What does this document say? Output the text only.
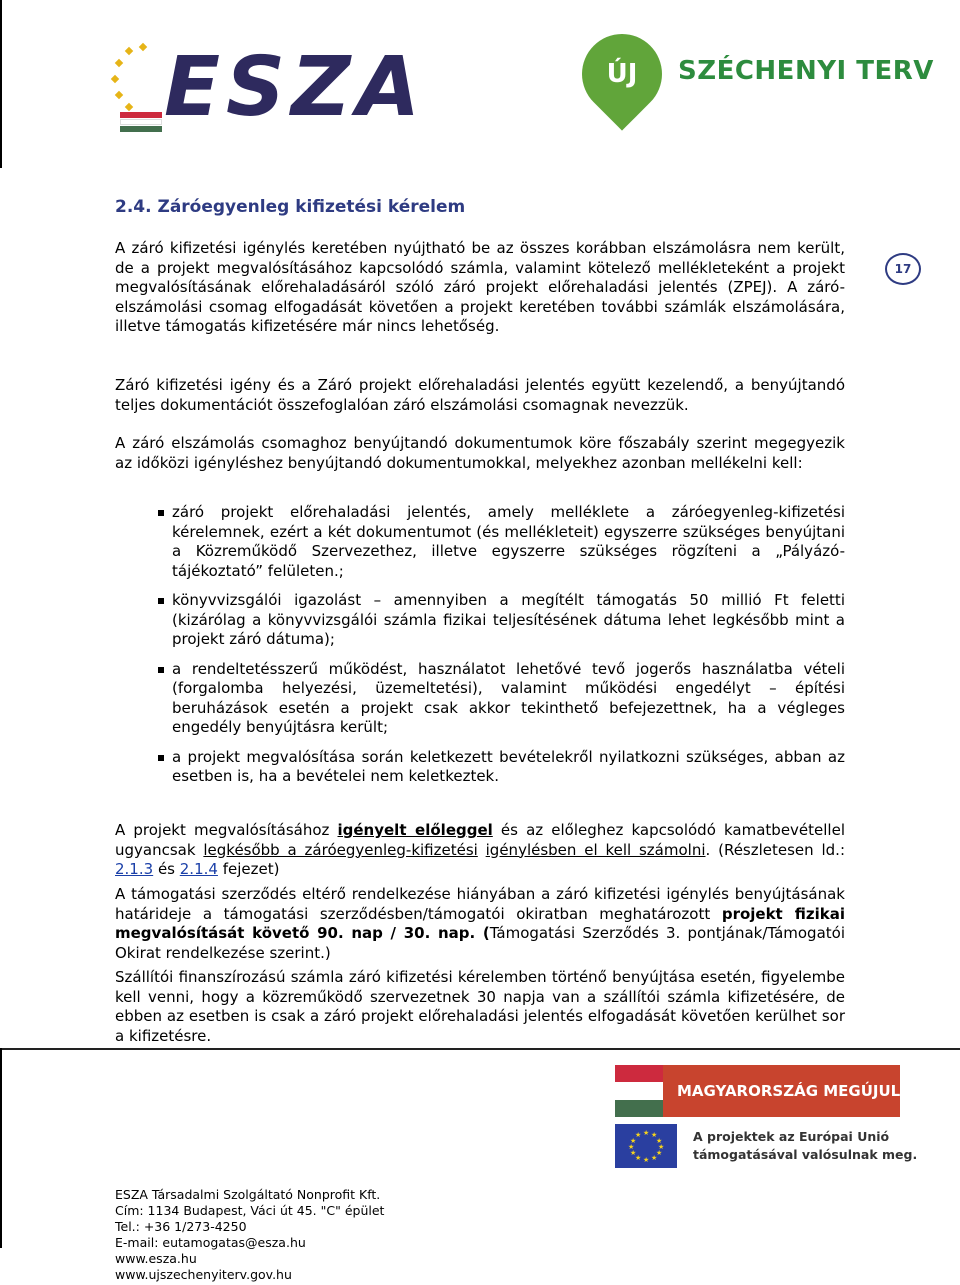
ESZA	ÚJ	SZÉCHENYI TERV
2.4. Záróegyenleg kifizetési kérelem
17

A záró kifizetési igénylés keretében nyújtható be az összes korábban elszámolásra nem került, de a projekt megvalósításához kapcsolódó számla, valamint kötelező mellékleteként a projekt megvalósításának előrehaladásáról szóló záró projekt előrehaladási jelentés (ZPEJ). A záró-elszámolási csomag elfogadását követően a projekt keretében további számlák elszámolására, illetve támogatás kifizetésére már nincs lehetőség.

Záró kifizetési igény és a Záró projekt előrehaladási jelentés együtt kezelendő, a benyújtandó teljes dokumentációt összefoglalóan záró elszámolási csomagnak nevezzük.

A záró elszámolás csomaghoz benyújtandó dokumentumok köre főszabály szerint megegyezik az időközi igényléshez benyújtandó dokumentumokkal, melyekhez azonban mellékelni kell:

záró projekt előrehaladási jelentés, amely melléklete a záróegyenleg-kifizetési kérelemnek, ezért a két dokumentumot (és mellékleteit) egyszerre szükséges benyújtani a Közreműködő Szervezethez, illetve egyszerre szükséges rögzíteni a „Pályázó-tájékoztató” felületen.;
könyvvizsgálói igazolást – amennyiben a megítélt támogatás 50 millió Ft feletti (kizárólag a könyvvizsgálói számla fizikai teljesítésének dátuma lehet legkésőbb mint a projekt záró dátuma);
a rendeltetésszerű működést, használatot lehetővé tevő jogerős használatba vételi (forgalomba helyezési, üzemeltetési), valamint működési engedélyt – építési beruházások esetén a projekt csak akkor tekinthető befejezettnek, ha a végleges engedély benyújtásra került;
a projekt megvalósítása során keletkezett bevételekről nyilatkozni szükséges, abban az esetben is, ha a bevételei nem keletkeztek.

A projekt megvalósításához igényelt előleggel és az előleghez kapcsolódó kamatbevétellel ugyancsak legkésőbb a záróegyenleg-kifizetési igénylésben el kell számolni. (Részletesen ld.: 2.1.3 és 2.1.4 fejezet)

A támogatási szerződés eltérő rendelkezése hiányában a záró kifizetési igénylés benyújtásának határideje a támogatási szerződésben/támogatói okiratban meghatározott projekt fizikai megvalósítását követő 90. nap / 30. nap. (Támogatási Szerződés 3. pontjának/Támogatói Okirat rendelkezése szerint.)

Szállítói finanszírozású számla záró kifizetési kérelemben történő benyújtása esetén, figyelembe kell venni, hogy a közreműködő szervezetnek 30 napja van a szállítói számla kifizetésére, de ebben az esetben is csak a záró projekt előrehaladási jelentés elfogadását követően kerülhet sor a kifizetésre.

MAGYARORSZÁG MEGÚJUL
★ ★
★
★
★
★
★
★
★
★
★
★	A projektek az Európai Unió
támogatásával valósulnak meg.
ESZA Társadalmi Szolgáltató Nonprofit Kft.
Cím: 1134 Budapest, Váci út 45. "C" épület
Tel.: +36 1/273-4250
E-mail: eutamogatas@esza.hu
www.esza.hu
www.ujszechenyiterv.gov.hu
